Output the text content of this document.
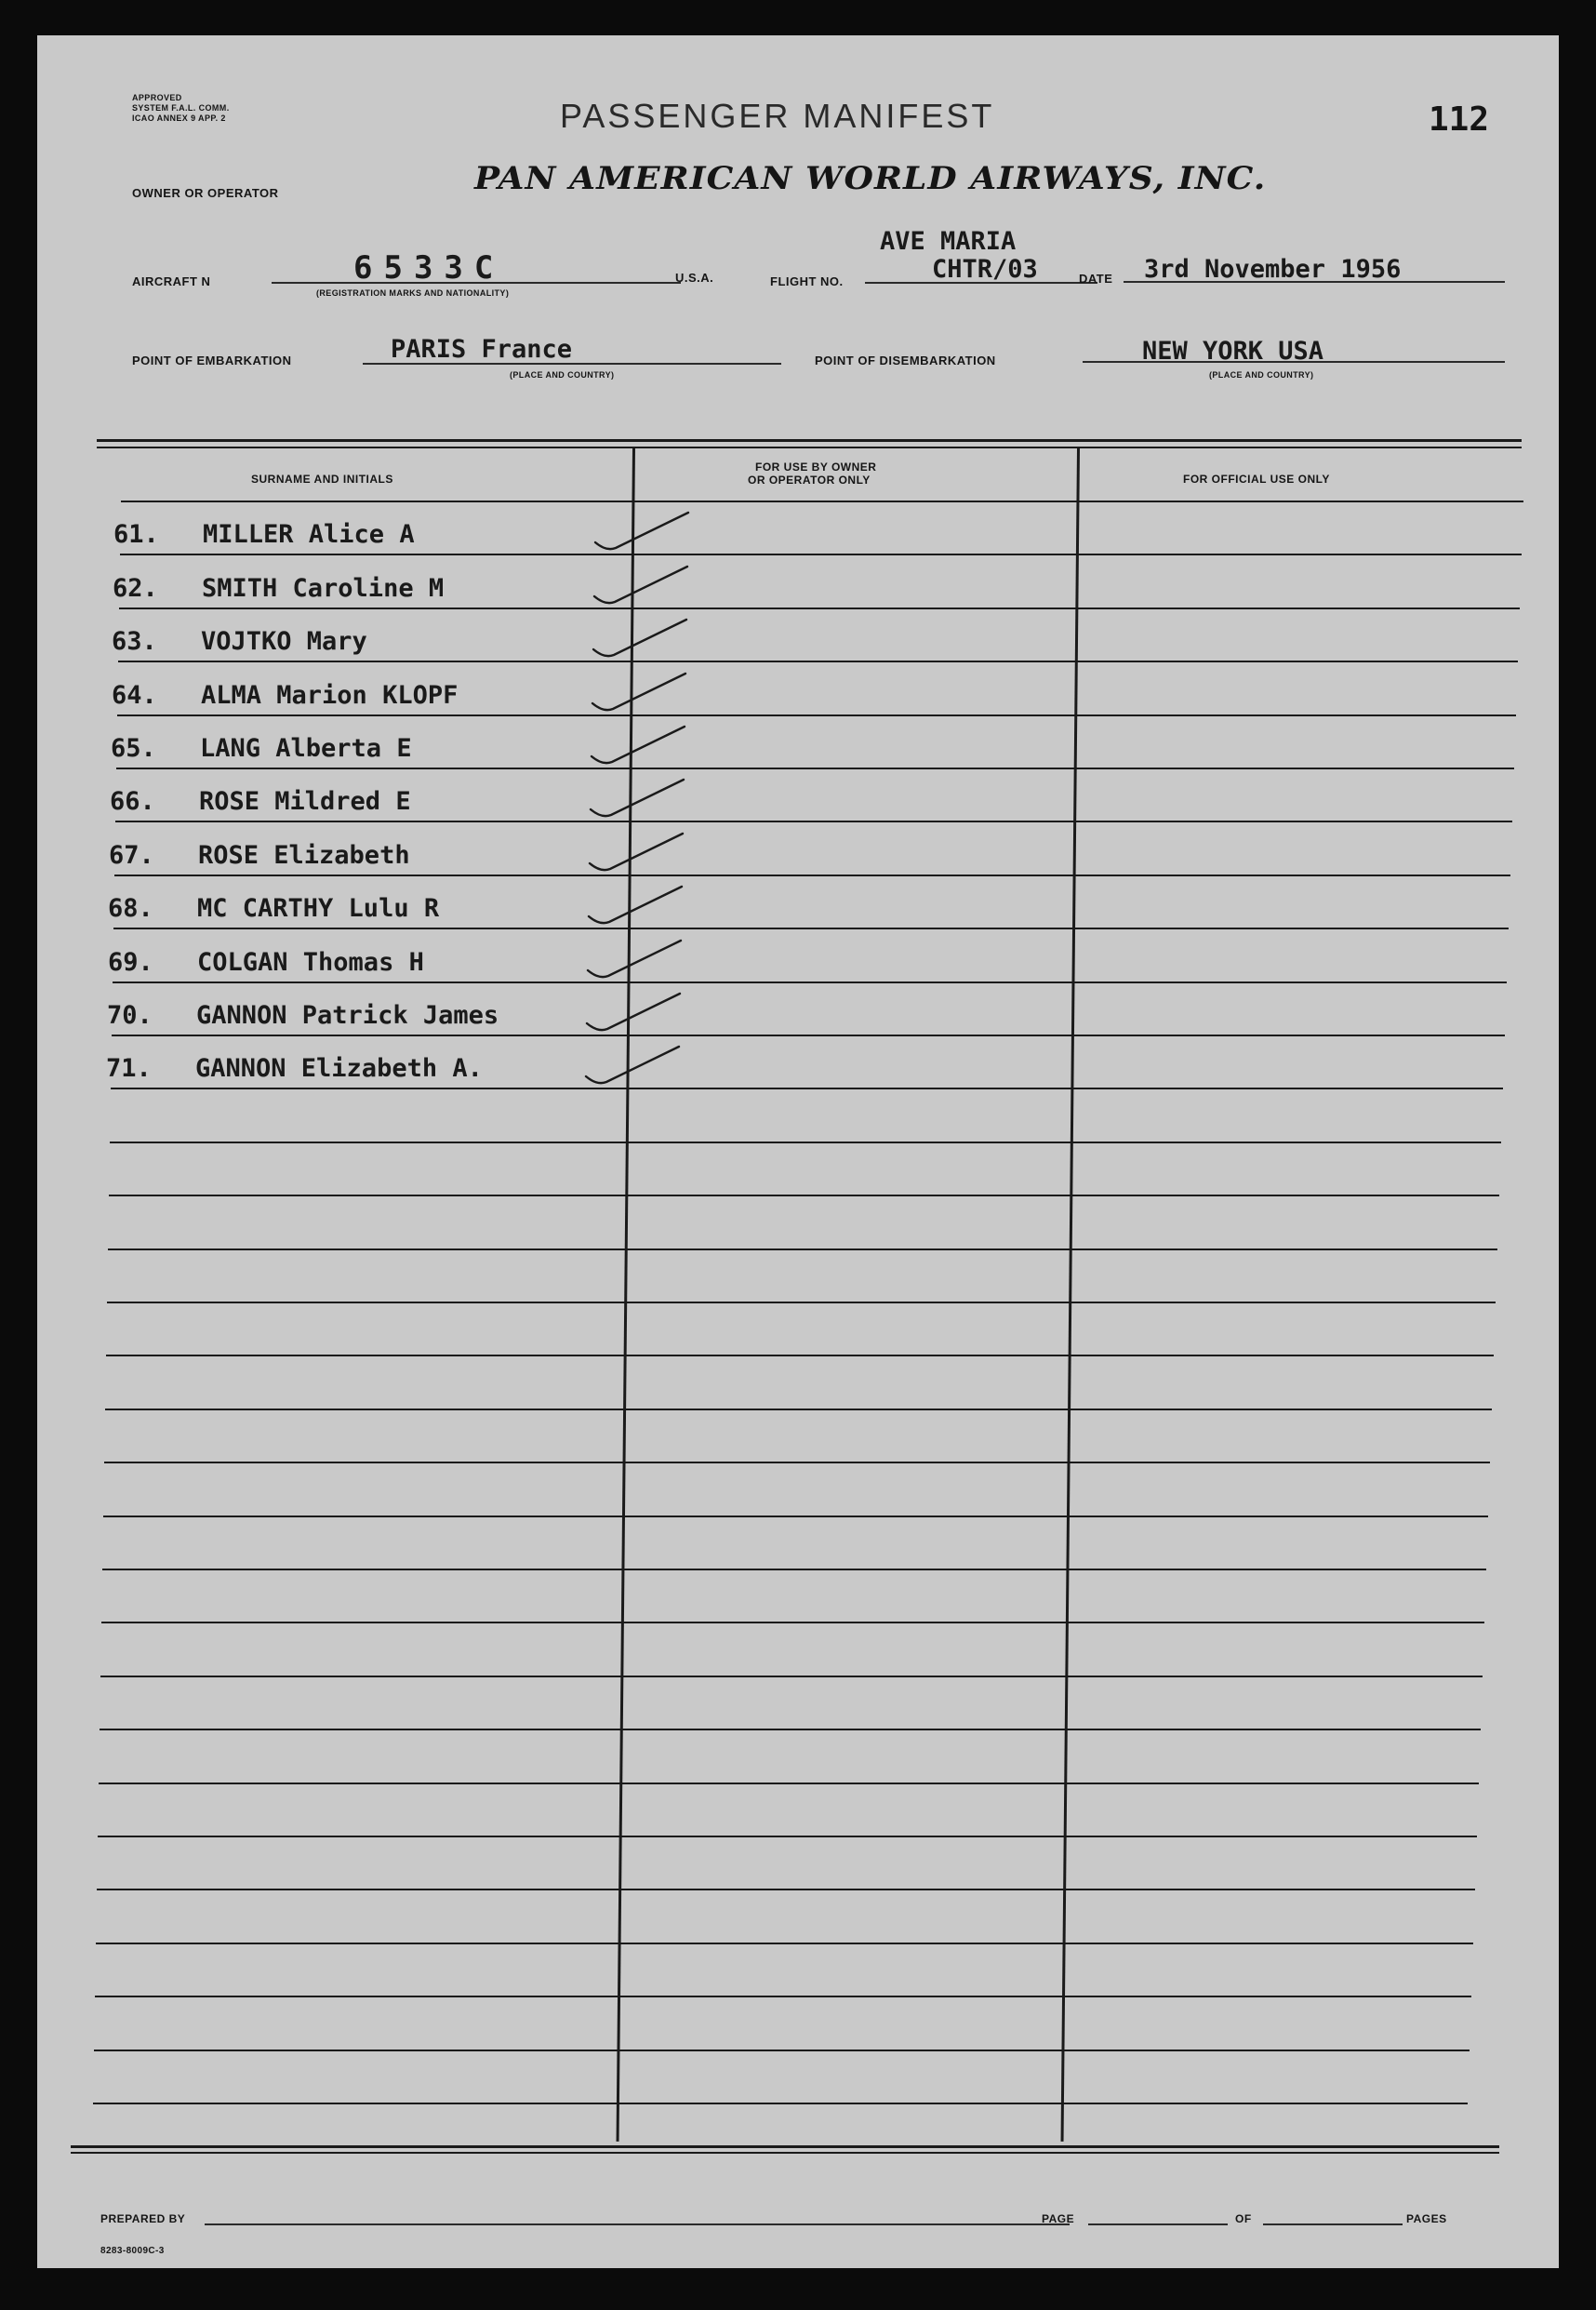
APPROVED
SYSTEM F.A.L. COMM.
ICAO ANNEX 9 APP. 2	PASSENGER MANIFEST	112
OWNER OR OPERATOR	PAN AMERICAN WORLD AIRWAYS, INC.
AIRCRAFT N	6533C
(REGISTRATION MARKS AND NATIONALITY)
U.S.A.
AVE MARIA
FLIGHT NO.	CHTR/03	DATE 3rd November 1956
POINT OF EMBARKATION	PARIS France
(PLACE AND COUNTRY)
POINT OF DISEMBARKATION	NEW YORK USA
(PLACE AND COUNTRY)
SURNAME AND INITIALS
FOR USE BY OWNER
OR OPERATOR ONLY	FOR OFFICIAL USE ONLY
61. MILLER Alice A
62. SMITH Caroline M
63. VOJTKO Mary
64. ALMA Marion KLOPF
65. LANG Alberta E
66. ROSE Mildred E
67. ROSE Elizabeth
68. MC CARTHY Lulu R
69. COLGAN Thomas H
70. GANNON Patrick James
71. GANNON Elizabeth A.
PREPARED BY	PAGE	OF	PAGES
8283-8009C-3
